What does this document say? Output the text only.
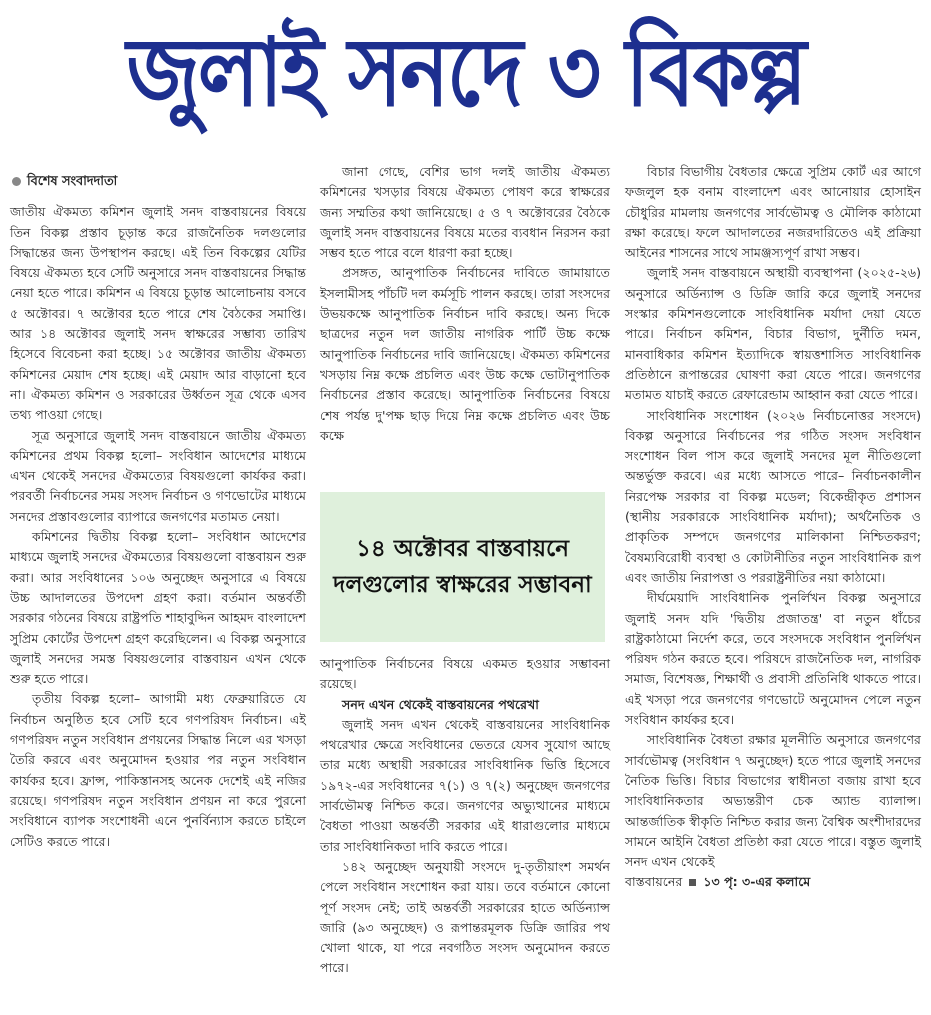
জুলাই সনদে ৩ বিকল্প
বিশেষ সংবাদদাতা

জাতীয় ঐকমত্য কমিশন জুলাই সনদ বাস্তবায়নের বিষয়ে তিন বিকল্প প্রস্তাব চূড়ান্ত করে রাজনৈতিক দলগুলোর সিদ্ধান্তের জন্য উপস্থাপন করছে। এই তিন বিকল্পের যেটির বিষয়ে ঐকমত্য হবে সেটি অনুসারে সনদ বাস্তবায়নের সিদ্ধান্ত নেয়া হতে পারে। কমিশন এ বিষয়ে চূড়ান্ত আলোচনায় বসবে ৫ অক্টোবর। ৭ অক্টোবর হতে পারে শেষ বৈঠকের সমাপ্তি। আর ১৪ অক্টোবর জুলাই সনদ স্বাক্ষরের সম্ভাব্য তারিখ হিসেবে বিবেচনা করা হচ্ছে। ১৫ অক্টোবর জাতীয় ঐকমত্য কমিশনের মেয়াদ শেষ হচ্ছে। এই মেয়াদ আর বাড়ানো হবে না। ঐকমত্য কমিশন ও সরকারের উর্ধ্বতন সূত্র থেকে এসব তথ্য পাওয়া গেছে।

সূত্র অনুসারে জুলাই সনদ বাস্তবায়নে জাতীয় ঐকমত্য কমিশনের প্রথম বিকল্প হলো– সংবিধান আদেশের মাধ্যমে এখন থেকেই সনদের ঐকমত্যের বিষয়গুলো কার্যকর করা। পরবর্তী নির্বাচনের সময় সংসদ নির্বাচন ও গণভোটের মাধ্যমে সনদের প্রস্তাবগুলোর ব্যাপারে জনগণের মতামত নেয়া।

কমিশনের দ্বিতীয় বিকল্প হলো– সংবিধান আদেশের মাধ্যমে জুলাই সনদের ঐকমত্যের বিষয়গুলো বাস্তবায়ন শুরু করা। আর সংবিধানের ১০৬ অনুচ্ছেদ অনুসারে এ বিষয়ে উচ্চ আদালতের উপদেশ গ্রহণ করা। বর্তমান অন্তর্বর্তী সরকার গঠনের বিষয়ে রাষ্ট্রপতি শাহাবুদ্দিন আহমদ বাংলাদেশ সুপ্রিম কোর্টের উপদেশ গ্রহণ করেছিলেন। এ বিকল্প অনুসারে জুলাই সনদের সমস্ত বিষয়গুলোর বাস্তবায়ন এখন থেকে শুরু হতে পারে।

তৃতীয় বিকল্প হলো– আগামী মধ্য ফেব্রুয়ারিতে যে নির্বাচন অনুষ্ঠিত হবে সেটি হবে গণপরিষদ নির্বাচন। এই গণপরিষদ নতুন সংবিধান প্রণয়নের সিদ্ধান্ত নিলে এর খসড়া তৈরি করবে এবং অনুমোদন হওয়ার পর নতুন সংবিধান কার্যকর হবে। ফ্রান্স, পাকিস্তানসহ অনেক দেশেই এই নজির রয়েছে। গণপরিষদ নতুন সংবিধান প্রণয়ন না করে পুরনো সংবিধানে ব্যাপক সংশোধনী এনে পুনর্বিন্যাস করতে চাইলে সেটিও করতে পারে।

জানা গেছে, বেশির ভাগ দলই জাতীয় ঐকমত্য কমিশনের খসড়ার বিষয়ে ঐকমত্য পোষণ করে স্বাক্ষরের জন্য সম্মতির কথা জানিয়েছে। ৫ ও ৭ অক্টোবরের বৈঠকে জুলাই সনদ বাস্তবায়নের বিষয়ে মতের ব্যবধান নিরসন করা সম্ভব হতে পারে বলে ধারণা করা হচ্ছে।

প্রসঙ্গত, আনুপাতিক নির্বাচনের দাবিতে জামায়াতে ইসলামীসহ পাঁচটি দল কর্মসূচি পালন করছে। তারা সংসদের উভয়কক্ষে আনুপাতিক নির্বাচন দাবি করছে। অন্য দিকে ছাত্রদের নতুন দল জাতীয় নাগরিক পার্টি উচ্চ কক্ষে আনুপাতিক নির্বাচনের দাবি জানিয়েছে। ঐকমত্য কমিশনের খসড়ায় নিম্ন কক্ষে প্রচলিত এবং উচ্চ কক্ষে ভোটানুপাতিক নির্বাচনের প্রস্তাব করেছে। আনুপাতিক নির্বাচনের বিষয়ে শেষ পর্যন্ত দু'পক্ষ ছাড় দিয়ে নিম্ন কক্ষে প্রচলিত এবং উচ্চ কক্ষে

১৪ অক্টোবর বাস্তবায়নে দলগুলোর স্বাক্ষরের সম্ভাবনা

আনুপাতিক নির্বাচনের বিষয়ে একমত হওয়ার সম্ভাবনা রয়েছে।

সনদ এখন থেকেই বাস্তবায়নের পথরেখা

জুলাই সনদ এখন থেকেই বাস্তবায়নের সাংবিধানিক পথরেখার ক্ষেত্রে সংবিধানের ভেতরে যেসব সুযোগ আছে তার মধ্যে অস্থায়ী সরকারের সাংবিধানিক ভিত্তি হিসেবে ১৯৭২-এর সংবিধানের ৭(১) ও ৭(২) অনুচ্ছেদ জনগণের সার্বভৌমত্ব নিশ্চিত করে। জনগণের অভ্যুত্থানের মাধ্যমে বৈধতা পাওয়া অন্তর্বর্তী সরকার এই ধারাগুলোর মাধ্যমে তার সাংবিধানিকতা দাবি করতে পারে।

১৪২ অনুচ্ছেদ অনুযায়ী সংসদে দু-তৃতীয়াংশ সমর্থন পেলে সংবিধান সংশোধন করা যায়। তবে বর্তমানে কোনো পূর্ণ সংসদ নেই; তাই অন্তর্বর্তী সরকারের হাতে অর্ডিন্যান্স জারি (৯৩ অনুচ্ছেদ) ও রূপান্তরমূলক ডিক্রি জারির পথ খোলা থাকে, যা পরে নবগঠিত সংসদ অনুমোদন করতে পারে।

বিচার বিভাগীয় বৈধতার ক্ষেত্রে সুপ্রিম কোর্ট এর আগে ফজলুল হক বনাম বাংলাদেশ এবং আনোয়ার হোসাইন চৌধুরির মামলায় জনগণের সার্বভৌমত্ব ও মৌলিক কাঠামো রক্ষা করেছে। ফলে আদালতের নজরদারিতেও এই প্রক্রিয়া আইনের শাসনের সাথে সামঞ্জস্যপূর্ণ রাখা সম্ভব।

জুলাই সনদ বাস্তবায়নে অস্থায়ী ব্যবস্থাপনা (২০২৫-২৬) অনুসারে অর্ডিন্যান্স ও ডিক্রি জারি করে জুলাই সনদের সংস্কার কমিশনগুলোকে সাংবিধানিক মর্যাদা দেয়া যেতে পারে। নির্বাচন কমিশন, বিচার বিভাগ, দুর্নীতি দমন, মানবাধিকার কমিশন ইত্যাদিকে স্বায়ত্তশাসিত সাংবিধানিক প্রতিষ্ঠানে রূপান্তরের ঘোষণা করা যেতে পারে। জনগণের মতামত যাচাই করতে রেফারেন্ডাম আহ্বান করা যেতে পারে।

সাংবিধানিক সংশোধন (২০২৬ নির্বাচনোত্তর সংসদে) বিকল্প অনুসারে নির্বাচনের পর গঠিত সংসদ সংবিধান সংশোধন বিল পাস করে জুলাই সনদের মূল নীতিগুলো অন্তর্ভুক্ত করবে। এর মধ্যে আসতে পারে– নির্বাচনকালীন নিরপেক্ষ সরকার বা বিকল্প মডেল; বিকেন্দ্রীকৃত প্রশাসন (স্থানীয় সরকারকে সাংবিধানিক মর্যাদা); অর্থনৈতিক ও প্রাকৃতিক সম্পদে জনগণের মালিকানা নিশ্চিতকরণ; বৈষম্যবিরোধী ব্যবস্থা ও কোটানীতির নতুন সাংবিধানিক রূপ এবং জাতীয় নিরাপত্তা ও পররাষ্ট্রনীতির নয়া কাঠামো।

দীর্ঘমেয়াদি সাংবিধানিক পুনর্লিখন বিকল্প অনুসারে জুলাই সনদ যদি 'দ্বিতীয় প্রজাতন্ত্র' বা নতুন ধাঁচের রাষ্ট্রকাঠামো নির্দেশ করে, তবে সংসদকে সংবিধান পুনর্লিখন পরিষদ গঠন করতে হবে। পরিষদে রাজনৈতিক দল, নাগরিক সমাজ, বিশেষজ্ঞ, শিক্ষার্থী ও প্রবাসী প্রতিনিধি থাকতে পারে। এই খসড়া পরে জনগণের গণভোটে অনুমোদন পেলে নতুন সংবিধান কার্যকর হবে।

সাংবিধানিক বৈধতা রক্ষার মূলনীতি অনুসারে জনগণের সার্বভৌমত্ব (সংবিধান ৭ অনুচ্ছেদ) হতে পারে জুলাই সনদের নৈতিক ভিত্তি। বিচার বিভাগের স্বাধীনতা বজায় রাখা হবে সাংবিধানিকতার অভ্যন্তরীণ চেক অ্যান্ড ব্যালান্স। আন্তর্জাতিক স্বীকৃতি নিশ্চিত করার জন্য বৈশ্বিক অংশীদারদের সামনে আইনি বৈধতা প্রতিষ্ঠা করা যেতে পারে। বস্তুত জুলাই সনদ এখন থেকেই

বাস্তবায়নের ১৩ পৃ: ৩-এর কলামে
